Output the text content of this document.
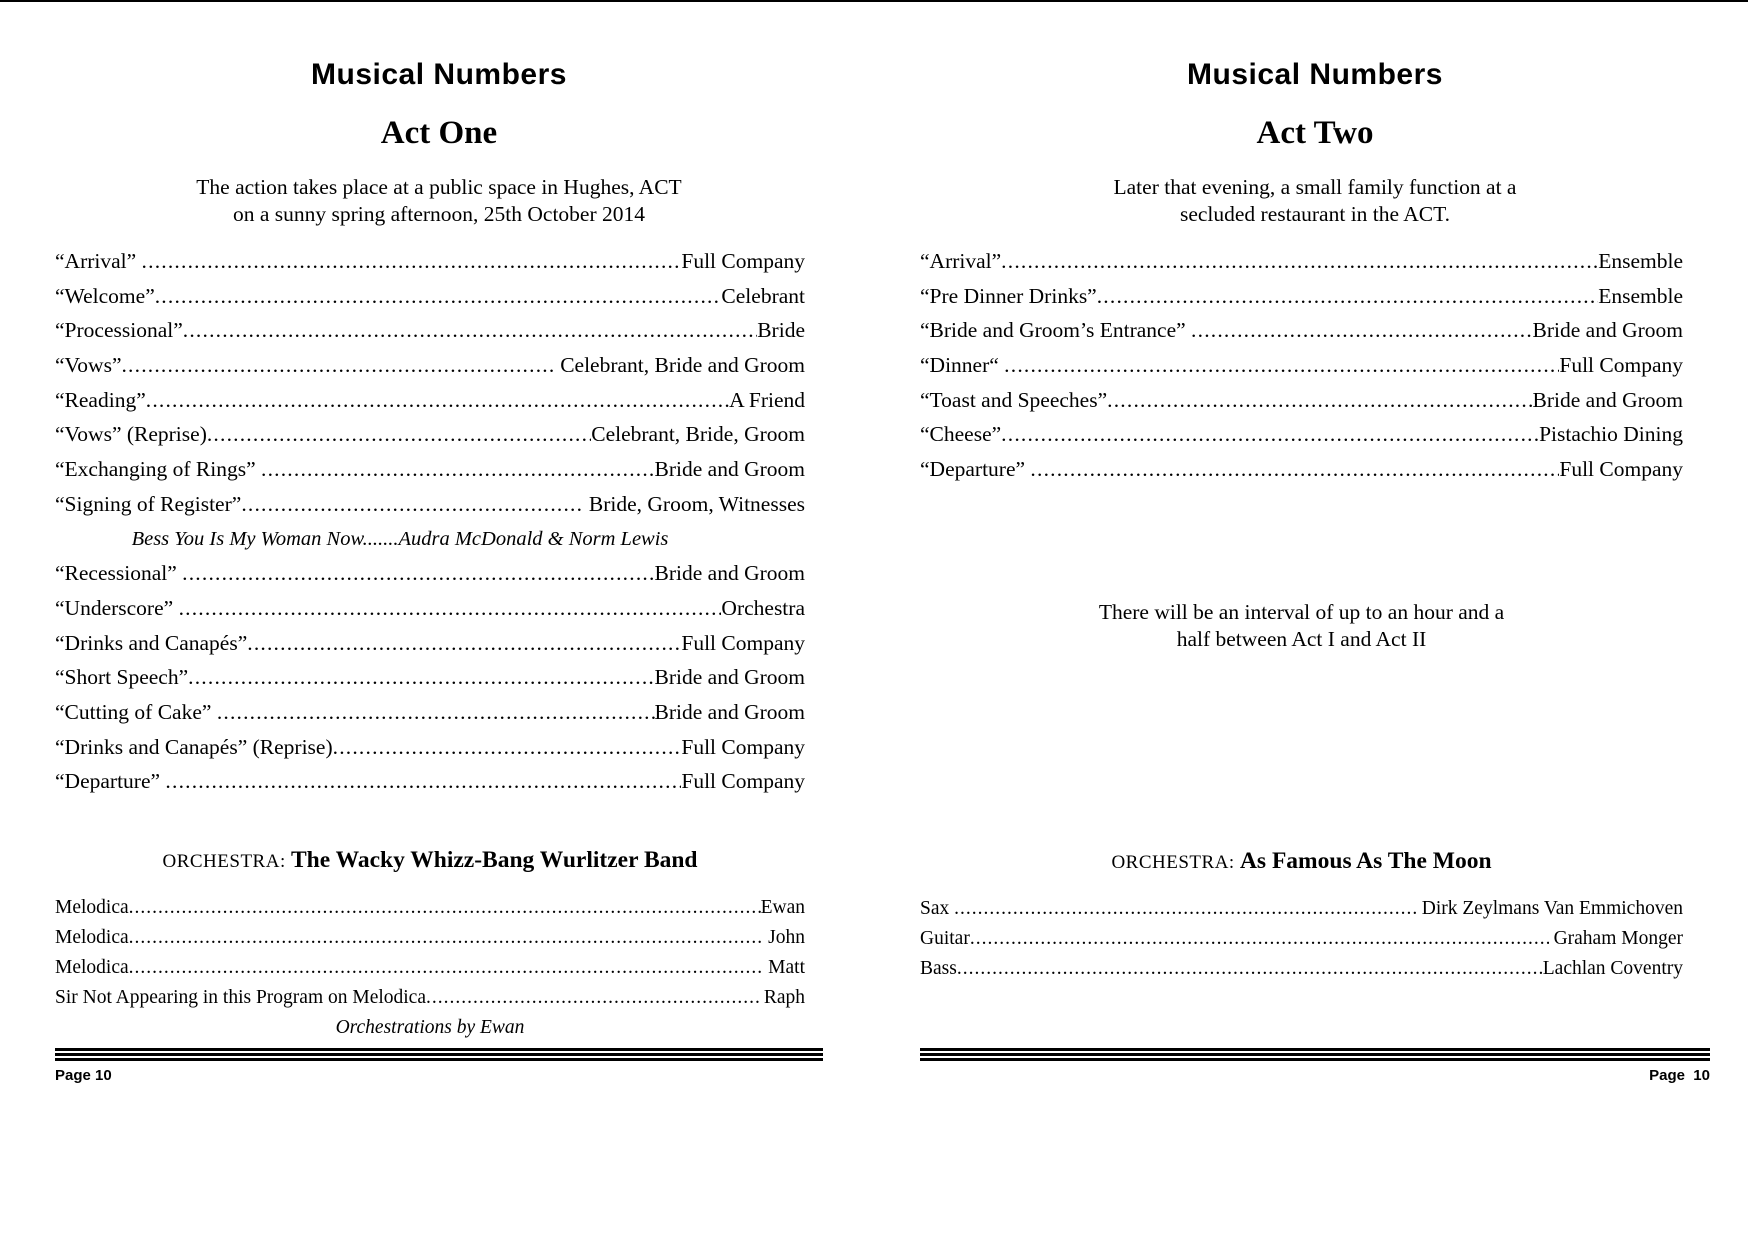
Musical Numbers
Act One
The action takes place at a public space in Hughes, ACT
on a sunny spring afternoon, 25th October 2014
“Arrival” .....	Full Company
“Welcome” .....	Celebrant
“Processional” .....	Bride
“Vows” .....	Celebrant, Bride and Groom
“Reading” .....	A Friend
“Vows” (Reprise) .....	Celebrant, Bride, Groom
“Exchanging of Rings” .....	Bride and Groom
“Signing of Register” .....	Bride, Groom, Witnesses
Bess You Is My Woman Now.......Audra McDonald & Norm Lewis
“Recessional” .....	Bride and Groom
“Underscore” .....	Orchestra
“Drinks and Canapés” .....	Full Company
“Short Speech” .....	Bride and Groom
“Cutting of Cake” .....	Bride and Groom
“Drinks and Canapés” (Reprise) .....	Full Company
“Departure” .....	Full Company
ORCHESTRA: The Wacky Whizz-Bang Wurlitzer Band
Melodica .....	Ewan
Melodica .....	John
Melodica .....	Matt
Sir Not Appearing in this Program on Melodica .....	Raph
Orchestrations by Ewan
Page 10
Musical Numbers
Act Two
Later that evening, a small family function at a
secluded restaurant in the ACT.
“Arrival” .....	Ensemble
“Pre Dinner Drinks” .....	Ensemble
“Bride and Groom’s Entrance” .....	Bride and Groom
“Dinner“ .....	Full Company
“Toast and Speeches” .....	Bride and Groom
“Cheese” .....	Pistachio Dining
“Departure” .....	Full Company
There will be an interval of up to an hour and a
half between Act I and Act II
ORCHESTRA: As Famous As The Moon
Sax .....	Dirk Zeylmans Van Emmichoven
Guitar .....	Graham Monger
Bass .....	Lachlan Coventry
Page  10
